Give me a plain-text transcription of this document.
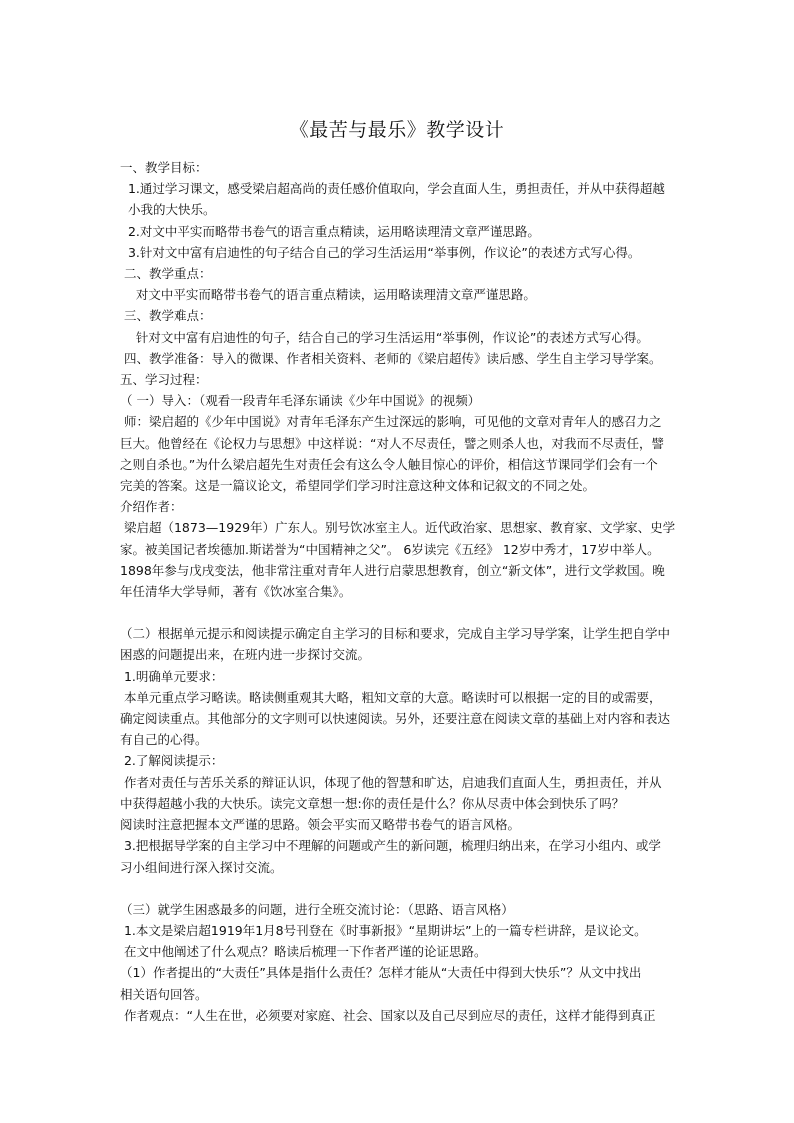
《最苦与最乐》教学设计

一、教学目标：

1.通过学习课文，感受梁启超高尚的责任感价值取向，学会直面人生，勇担责任，并从中获得超越

小我的大快乐。

2.对文中平实而略带书卷气的语言重点精读，运用略读理清文章严谨思路。

3.针对文中富有启迪性的句子结合自己的学习生活运用“举事例，作议论”的表述方式写心得。

二、教学重点：

对文中平实而略带书卷气的语言重点精读，运用略读理清文章严谨思路。

三、教学难点：

针对文中富有启迪性的句子，结合自己的学习生活运用“举事例，作议论”的表述方式写心得。

四、教学准备：导入的微课、作者相关资料、老师的《梁启超传》读后感、学生自主学习导学案。

五、学习过程：

（ 一）导入：（观看一段青年毛泽东诵读《少年中国说》的视频）

师：梁启超的《少年中国说》对青年毛泽东产生过深远的影响，可见他的文章对青年人的感召力之

巨大。他曾经在《论权力与思想》中这样说：“对人不尽责任，譬之则杀人也，对我而不尽责任，譬

之则自杀也。”为什么梁启超先生对责任会有这么令人触目惊心的评价，相信这节课同学们会有一个

完美的答案。这是一篇议论文，希望同学们学习时注意这种文体和记叙文的不同之处。

介绍作者：

梁启超（1873—1929年）广东人。别号饮冰室主人。近代政治家、思想家、教育家、文学家、史学

家。被美国记者埃德加.斯诺誉为“中国精神之父”。 6岁读完《五经》 12岁中秀才，17岁中举人。

1898年参与戊戌变法，他非常注重对青年人进行启蒙思想教育，创立“新文体”，进行文学救国。晚

年任清华大学导师，著有《饮冰室合集》。

（二）根据单元提示和阅读提示确定自主学习的目标和要求，完成自主学习导学案，让学生把自学中

困惑的问题提出来，在班内进一步探讨交流。

1.明确单元要求：

本单元重点学习略读。略读侧重观其大略，粗知文章的大意。略读时可以根据一定的目的或需要，

确定阅读重点。其他部分的文字则可以快速阅读。另外，还要注意在阅读文章的基础上对内容和表达

有自己的心得。

2.了解阅读提示：

作者对责任与苦乐关系的辩证认识，体现了他的智慧和旷达，启迪我们直面人生，勇担责任，并从

中获得超越小我的大快乐。读完文章想一想:你的责任是什么？你从尽责中体会到快乐了吗？

阅读时注意把握本文严谨的思路。领会平实而又略带书卷气的语言风格。

3.把根据导学案的自主学习中不理解的问题或产生的新问题，梳理归纳出来，在学习小组内、或学

习小组间进行深入探讨交流。

（三）就学生困惑最多的问题，进行全班交流讨论：（思路、语言风格）

1.本文是梁启超1919年1月8号刊登在《时事新报》“星期讲坛”上的一篇专栏讲辞，是议论文。

在文中他阐述了什么观点？略读后梳理一下作者严谨的论证思路。

（1）作者提出的“大责任”具体是指什么责任？怎样才能从“大责任中得到大快乐”？从文中找出

相关语句回答。

作者观点：“人生在世，必须要对家庭、社会、国家以及自己尽到应尽的责任，这样才能得到真正
